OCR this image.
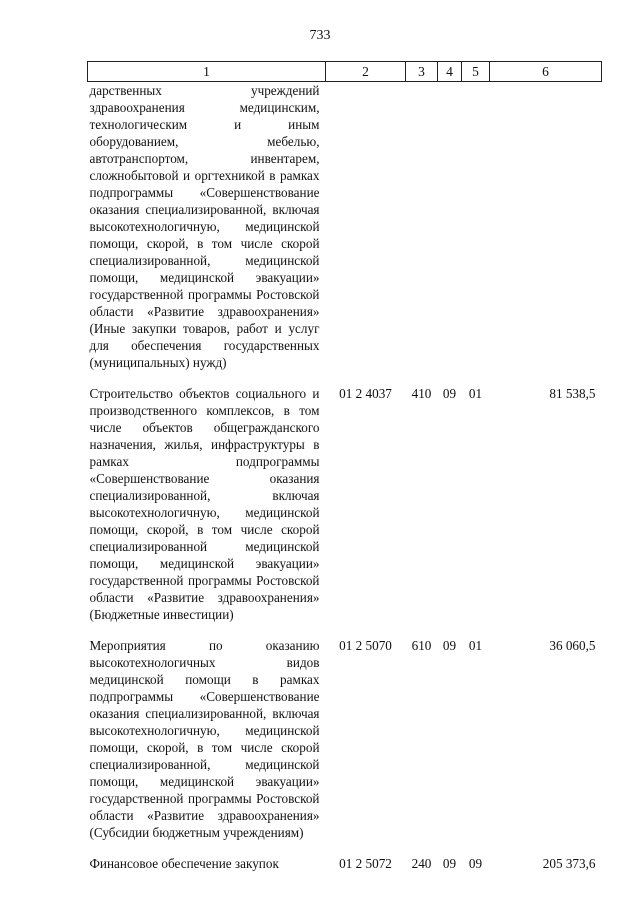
733
1	2	3	4	5	6
дарственных учреждений здравоохранения медицинским, технологическим и иным оборудованием, мебелью, автотранспортом, инвентарем, сложнобытовой и оргтехникой в рамках подпрограммы «Совершенствование оказания специализированной, включая высокотехнологичную, медицинской помощи, скорой, в том числе скорой специализированной, медицинской помощи, медицинской эвакуации» государственной программы Ростовской области «Развитие здравоохранения» (Иные закупки товаров, работ и услуг для обеспечения государственных (муниципальных) нужд)					
Строительство объектов социального и производственного комплексов, в том числе объектов общегражданского назначения, жилья, инфраструктуры в рамках подпрограммы «Совершенствование оказания специализированной, включая высокотехнологичную, медицинской помощи, скорой, в том числе скорой специализированной медицинской помощи, медицинской эвакуации» государственной программы Ростовской области «Развитие здравоохранения» (Бюджетные инвестиции)	01 2 4037	410	09	01	81 538,5
Мероприятия по оказанию высокотехнологичных видов медицинской помощи в рамках подпрограммы «Совершенствование оказания специализированной, включая высокотехнологичную, медицинской помощи, скорой, в том числе скорой специализированной, медицинской помощи, медицинской эвакуации» государственной программы Ростовской области «Развитие здравоохранения» (Субсидии бюджетным учреждениям)	01 2 5070	610	09	01	36 060,5
Финансовое обеспечение закупок	01 2 5072	240	09	09	205 373,6
